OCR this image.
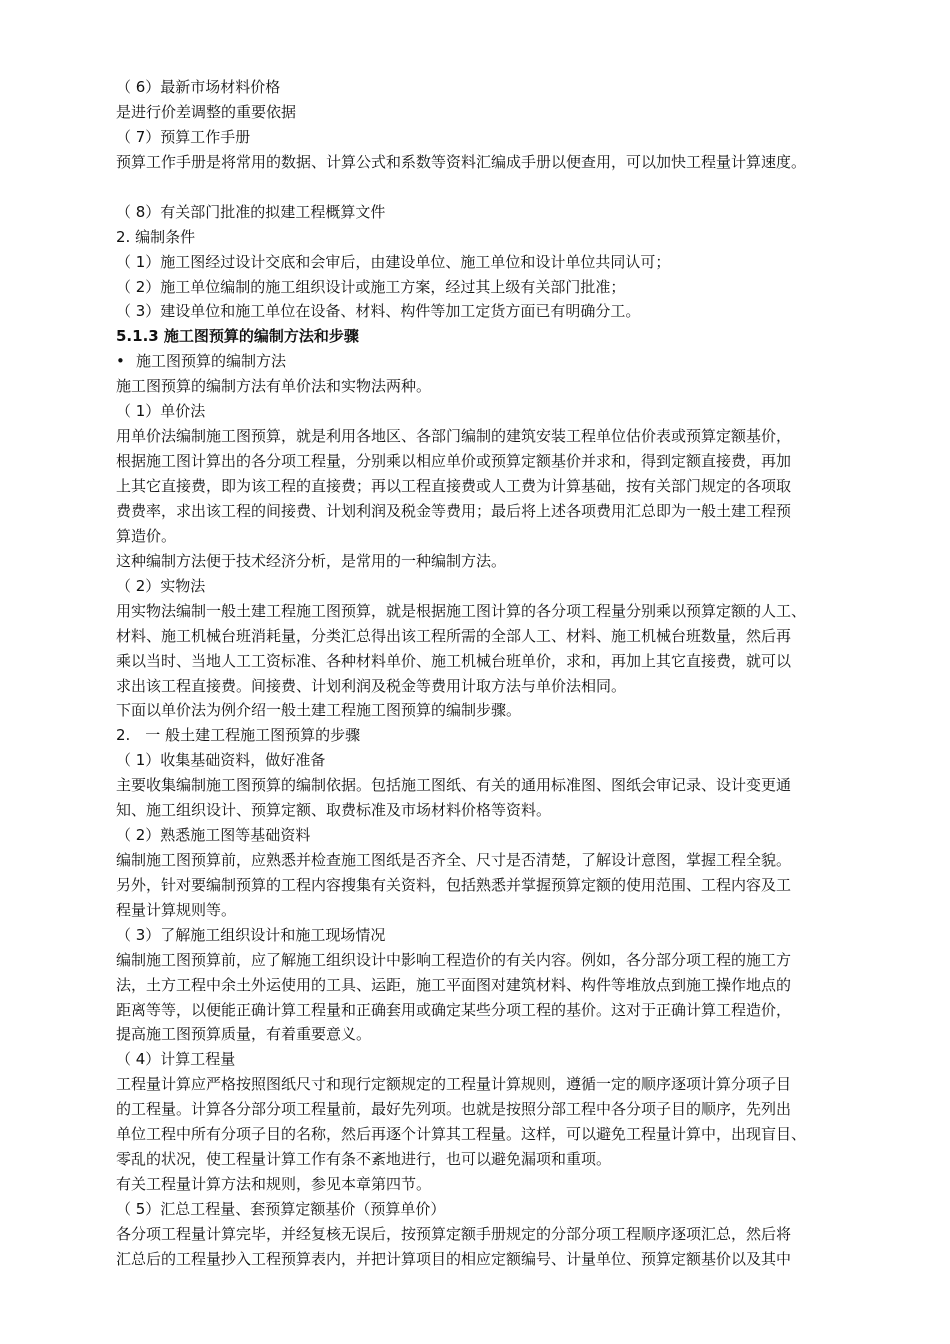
（ 6）最新市场材料价格
是进行价差调整的重要依据
（ 7）预算工作手册
预算工作手册是将常用的数据、计算公式和系数等资料汇编成手册以便查用，可以加快工程量计算速度。
（ 8）有关部门批准的拟建工程概算文件
2. 编制条件
（ 1）施工图经过设计交底和会审后，由建设单位、施工单位和设计单位共同认可；
（ 2）施工单位编制的施工组织设计或施工方案，经过其上级有关部门批准；
（ 3）建设单位和施工单位在设备、材料、构件等加工定货方面已有明确分工。
5.1.3 施工图预算的编制方法和步骤
• 施工图预算的编制方法
施工图预算的编制方法有单价法和实物法两种。
（ 1）单价法
用单价法编制施工图预算，就是利用各地区、各部门编制的建筑安装工程单位估价表或预算定额基价，
根据施工图计算出的各分项工程量，分别乘以相应单价或预算定额基价并求和，得到定额直接费，再加
上其它直接费，即为该工程的直接费；再以工程直接费或人工费为计算基础，按有关部门规定的各项取
费费率，求出该工程的间接费、计划利润及税金等费用；最后将上述各项费用汇总即为一般土建工程预
算造价。
这种编制方法便于技术经济分析，是常用的一种编制方法。
（ 2）实物法
用实物法编制一般土建工程施工图预算，就是根据施工图计算的各分项工程量分别乘以预算定额的人工、
材料、施工机械台班消耗量，分类汇总得出该工程所需的全部人工、材料、施工机械台班数量，然后再
乘以当时、当地人工工资标准、各种材料单价、施工机械台班单价，求和，再加上其它直接费，就可以
求出该工程直接费。间接费、计划利润及税金等费用计取方法与单价法相同。
下面以单价法为例介绍一般土建工程施工图预算的编制步骤。
2.　一 般土建工程施工图预算的步骤
（ 1）收集基础资料，做好准备
主要收集编制施工图预算的编制依据。包括施工图纸、有关的通用标准图、图纸会审记录、设计变更通
知、施工组织设计、预算定额、取费标准及市场材料价格等资料。
（ 2）熟悉施工图等基础资料
编制施工图预算前，应熟悉并检查施工图纸是否齐全、尺寸是否清楚，了解设计意图，掌握工程全貌。
另外，针对要编制预算的工程内容搜集有关资料，包括熟悉并掌握预算定额的使用范围、工程内容及工
程量计算规则等。
（ 3）了解施工组织设计和施工现场情况
编制施工图预算前，应了解施工组织设计中影响工程造价的有关内容。例如，各分部分项工程的施工方
法，土方工程中余土外运使用的工具、运距，施工平面图对建筑材料、构件等堆放点到施工操作地点的
距离等等，以便能正确计算工程量和正确套用或确定某些分项工程的基价。这对于正确计算工程造价，
提高施工图预算质量，有着重要意义。
（ 4）计算工程量
工程量计算应严格按照图纸尺寸和现行定额规定的工程量计算规则，遵循一定的顺序逐项计算分项子目
的工程量。计算各分部分项工程量前，最好先列项。也就是按照分部工程中各分项子目的顺序，先列出
单位工程中所有分项子目的名称，然后再逐个计算其工程量。这样，可以避免工程量计算中，出现盲目、
零乱的状况，使工程量计算工作有条不紊地进行，也可以避免漏项和重项。
有关工程量计算方法和规则，参见本章第四节。
（ 5）汇总工程量、套预算定额基价（预算单价）
各分项工程量计算完毕，并经复核无误后，按预算定额手册规定的分部分项工程顺序逐项汇总，然后将
汇总后的工程量抄入工程预算表内，并把计算项目的相应定额编号、计量单位、预算定额基价以及其中
